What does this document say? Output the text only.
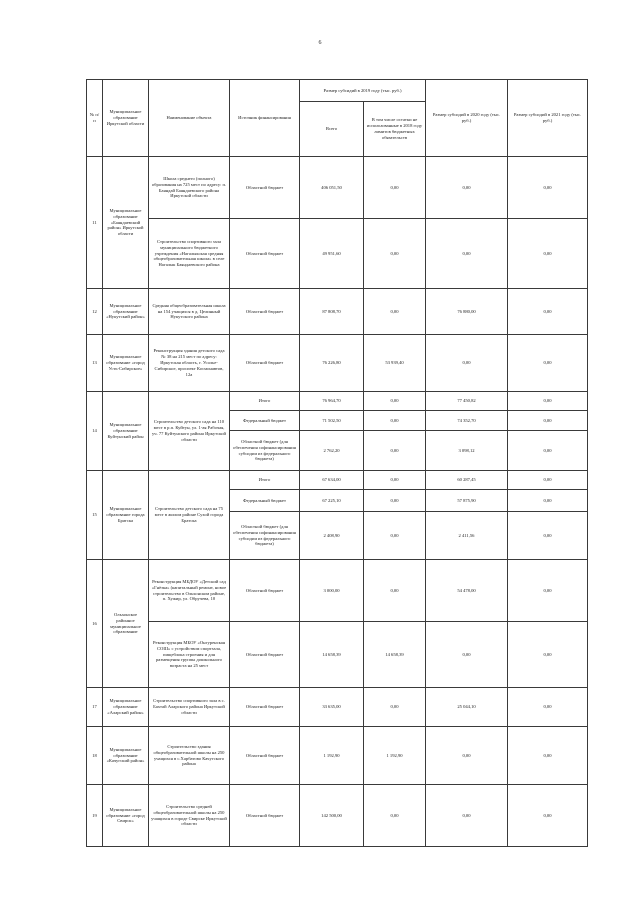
6
№ п/п	Муниципальное образование Иркутской области	Наименование объекта	Источник финансирования	Размер субсидий в 2019 году (тыс. руб.)		Размер субсидий в 2020 году (тыс. руб.)	Размер субсидий в 2021 году (тыс. руб.)
				Всего	В том числе остатки не использованные в 2018 году лимитов бюджетных обязательств		
11	Муниципальное образование «Баяндаевский район» Иркутской области	Школа среднего (полного) образования на 725 мест по адресу: п. Баяндай Баяндаевского района Иркутской области	Областной бюджет	406 051,50	0,00	0,00	0,00
		Строительство спортивного зала муниципального бюджетного учреждения «Нагалыкская средняя общеобразовательная школа» в селе Нагалык Баяндаевского района	Областной бюджет	49 951,60	0,00	0,00	0,00
12	Муниципальное образование «Нукутский район»	Средняя общеобразовательная школа на 154 учащихся в д. Целинный Нукутского района	Областной бюджет	87 808,70	0,00	76 880,00	0,00
13	Муниципальное образование «город Усть-Сибирское»	Реконструкция здания детского сада № 38 на 215 мест по адресу: Иркутская область, г. Усолье-Сибирское, проспект Космонавтов, 12а	Областной бюджет	76 226,80	53 939,40	0,00	0,00
14	Муниципальное образование Куйтунский район	Строительство детского сада на 110 мест в р.п. Куйтун, ул. 1-ая Рабочая, уч. 77 Куйтунского района Иркутской области	Итого	76 964,70	0,00	77 450,82	0,00
			Федеральный бюджет	71 502,50	0,00	74 352,70	0,00
			Областной бюджет (для обеспечения софинансирования субсидии из федерального бюджета)	2 762,20	0,00	3 098,12	0,00
15	Муниципальное образование города Братска	Строительство детского сада на 75 мест в жилом районе Сухой города Братска	Итого	67 634,00	0,00	60 287,45	0,00
			Федеральный бюджет	67 225,10	0,00	57 875,90	0,00
			Областной бюджет (для обеспечения софинансирования субсидии из федерального бюджета)	2 408,90	0,00	2 411,56	0,00
16	Ольхонское районное муниципальное образование	Реконструкция МБДОУ «Детский сад «Гнёзка» (капитальный ремонт, новое строительство в Ольхонском районе, п. Хужир, ул. Обручева, 10	Областной бюджет	3 000,00	0,00	54 478,00	0,00
		Реконструкция МБОУ «Онгуренская СОШ» с устройством спортзала, пищеблока строения и для размещения группы дошкольного возраста на 25 мест	Областной бюджет	14 658,39	14 658,39	0,00	0,00
17	Муниципальное образование «Аларский район»	Строительство спортивного зала в с. Бахтай Аларского района Иркутской области	Областной бюджет	33 635,00	0,00	25 044,10	0,00
18	Муниципальное образование «Качугский район»	Строительство здания общеобразовательной школы на 250 учащихся в с.Харбатово Качугского района	Областной бюджет	1 192,90	1 192,90	0,00	0,00
19	Муниципальное образование «город Свирск»	Строительство средней общеобразовательной школы на 250 учащихся в городе Свирске Иркутской области	Областной бюджет	142 500,00	0,00	0,00	0,00
